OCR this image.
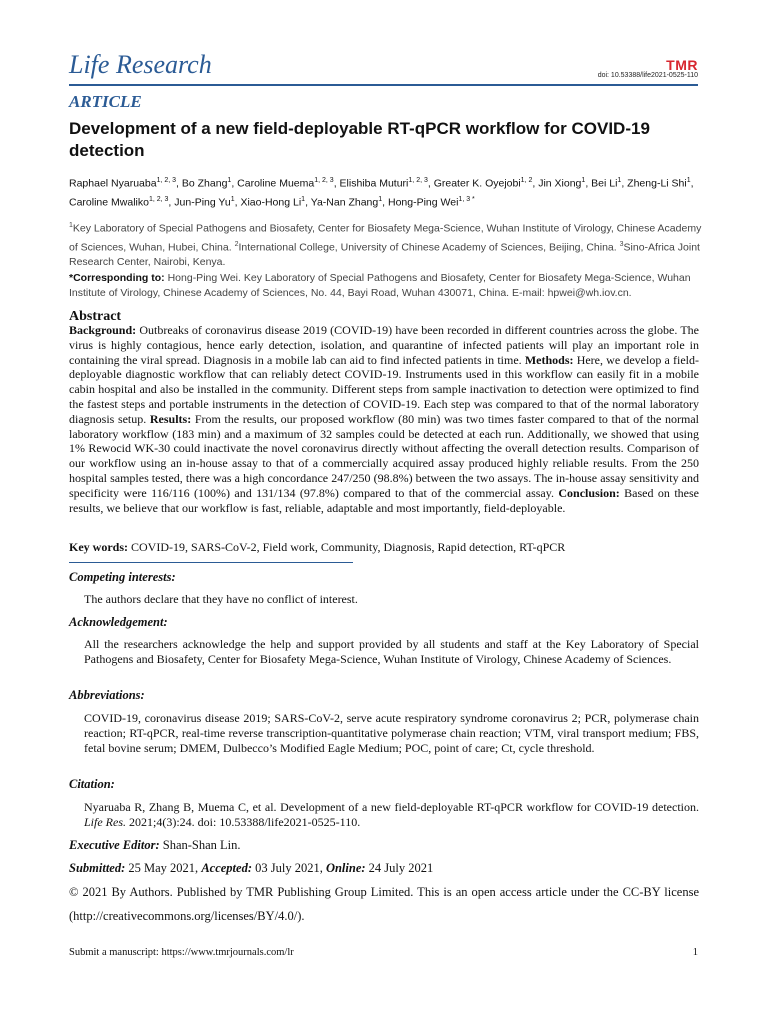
Life Research	TMR
doi: 10.53388/life2021-0525-110
ARTICLE
Development of a new field-deployable RT-qPCR workflow for COVID-19 detection
Raphael Nyaruaba$^{1, 2, 3}$, Bo Zhang$^1$, Caroline Muema$^{1, 2, 3}$, Elishiba Muturi$^{1, 2, 3}$, Greater K. Oyejobi$^{1, 2}$, Jin Xiong$^1$, Bei Li$^1$, Zheng-Li Shi$^1$, Caroline Mwaliko$^{1, 2, 3}$, Jun-Ping Yu$^1$, Xiao-Hong Li$^1$, Ya-Nan Zhang$^1$, Hong-Ping Wei$^{1, 3 *}$
$^1$Key Laboratory of Special Pathogens and Biosafety, Center for Biosafety Mega-Science, Wuhan Institute of Virology, Chinese Academy of Sciences, Wuhan, Hubei, China. $^2$International College, University of Chinese Academy of Sciences, Beijing, China. $^3$Sino-Africa Joint Research Center, Nairobi, Kenya.
*Corresponding to: Hong-Ping Wei. Key Laboratory of Special Pathogens and Biosafety, Center for Biosafety Mega-Science, Wuhan Institute of Virology, Chinese Academy of Sciences, No. 44, Bayi Road, Wuhan 430071, China. E-mail: hpwei@wh.iov.cn.
Abstract

Background: Outbreaks of coronavirus disease 2019 (COVID-19) have been recorded in different countries across the globe. The virus is highly contagious, hence early detection, isolation, and quarantine of infected patients will play an important role in containing the viral spread. Diagnosis in a mobile lab can aid to find infected patients in time. Methods: Here, we develop a field-deployable diagnostic workflow that can reliably detect COVID-19. Instruments used in this workflow can easily fit in a mobile cabin hospital and also be installed in the community. Different steps from sample inactivation to detection were optimized to find the fastest steps and portable instruments in the detection of COVID-19. Each step was compared to that of the normal laboratory diagnosis setup. Results: From the results, our proposed workflow (80 min) was two times faster compared to that of the normal laboratory workflow (183 min) and a maximum of 32 samples could be detected at each run. Additionally, we showed that using 1% Rewocid WK-30 could inactivate the novel coronavirus directly without affecting the overall detection results. Comparison of our workflow using an in-house assay to that of a commercially acquired assay produced highly reliable results. From the 250 hospital samples tested, there was a high concordance 247/250 (98.8%) between the two assays. The in-house assay sensitivity and specificity were 116/116 (100%) and 131/134 (97.8%) compared to that of the commercial assay. Conclusion: Based on these results, we believe that our workflow is fast, reliable, adaptable and most importantly, field-deployable.

Key words: COVID-19, SARS-CoV-2, Field work, Community, Diagnosis, Rapid detection, RT-qPCR
Competing interests:

The authors declare that they have no conflict of interest.

Acknowledgement:

All the researchers acknowledge the help and support provided by all students and staff at the Key Laboratory of Special Pathogens and Biosafety, Center for Biosafety Mega-Science, Wuhan Institute of Virology, Chinese Academy of Sciences.

Abbreviations:

COVID-19, coronavirus disease 2019; SARS-CoV-2, serve acute respiratory syndrome coronavirus 2; PCR, polymerase chain reaction; RT-qPCR, real-time reverse transcription-quantitative polymerase chain reaction; VTM, viral transport medium; FBS, fetal bovine serum; DMEM, Dulbecco’s Modified Eagle Medium; POC, point of care; Ct, cycle threshold.

Citation:

Nyaruaba R, Zhang B, Muema C, et al. Development of a new field-deployable RT-qPCR workflow for COVID-19 detection. Life Res. 2021;4(3):24. doi: 10.53388/life2021-0525-110.

Executive Editor: Shan-Shan Lin.
Submitted: 25 May 2021, Accepted: 03 July 2021, Online: 24 July 2021
© 2021 By Authors. Published by TMR Publishing Group Limited. This is an open access article under the CC-BY license (http://creativecommons.org/licenses/BY/4.0/).
Submit a manuscript: https://www.tmrjournals.com/lr	1
